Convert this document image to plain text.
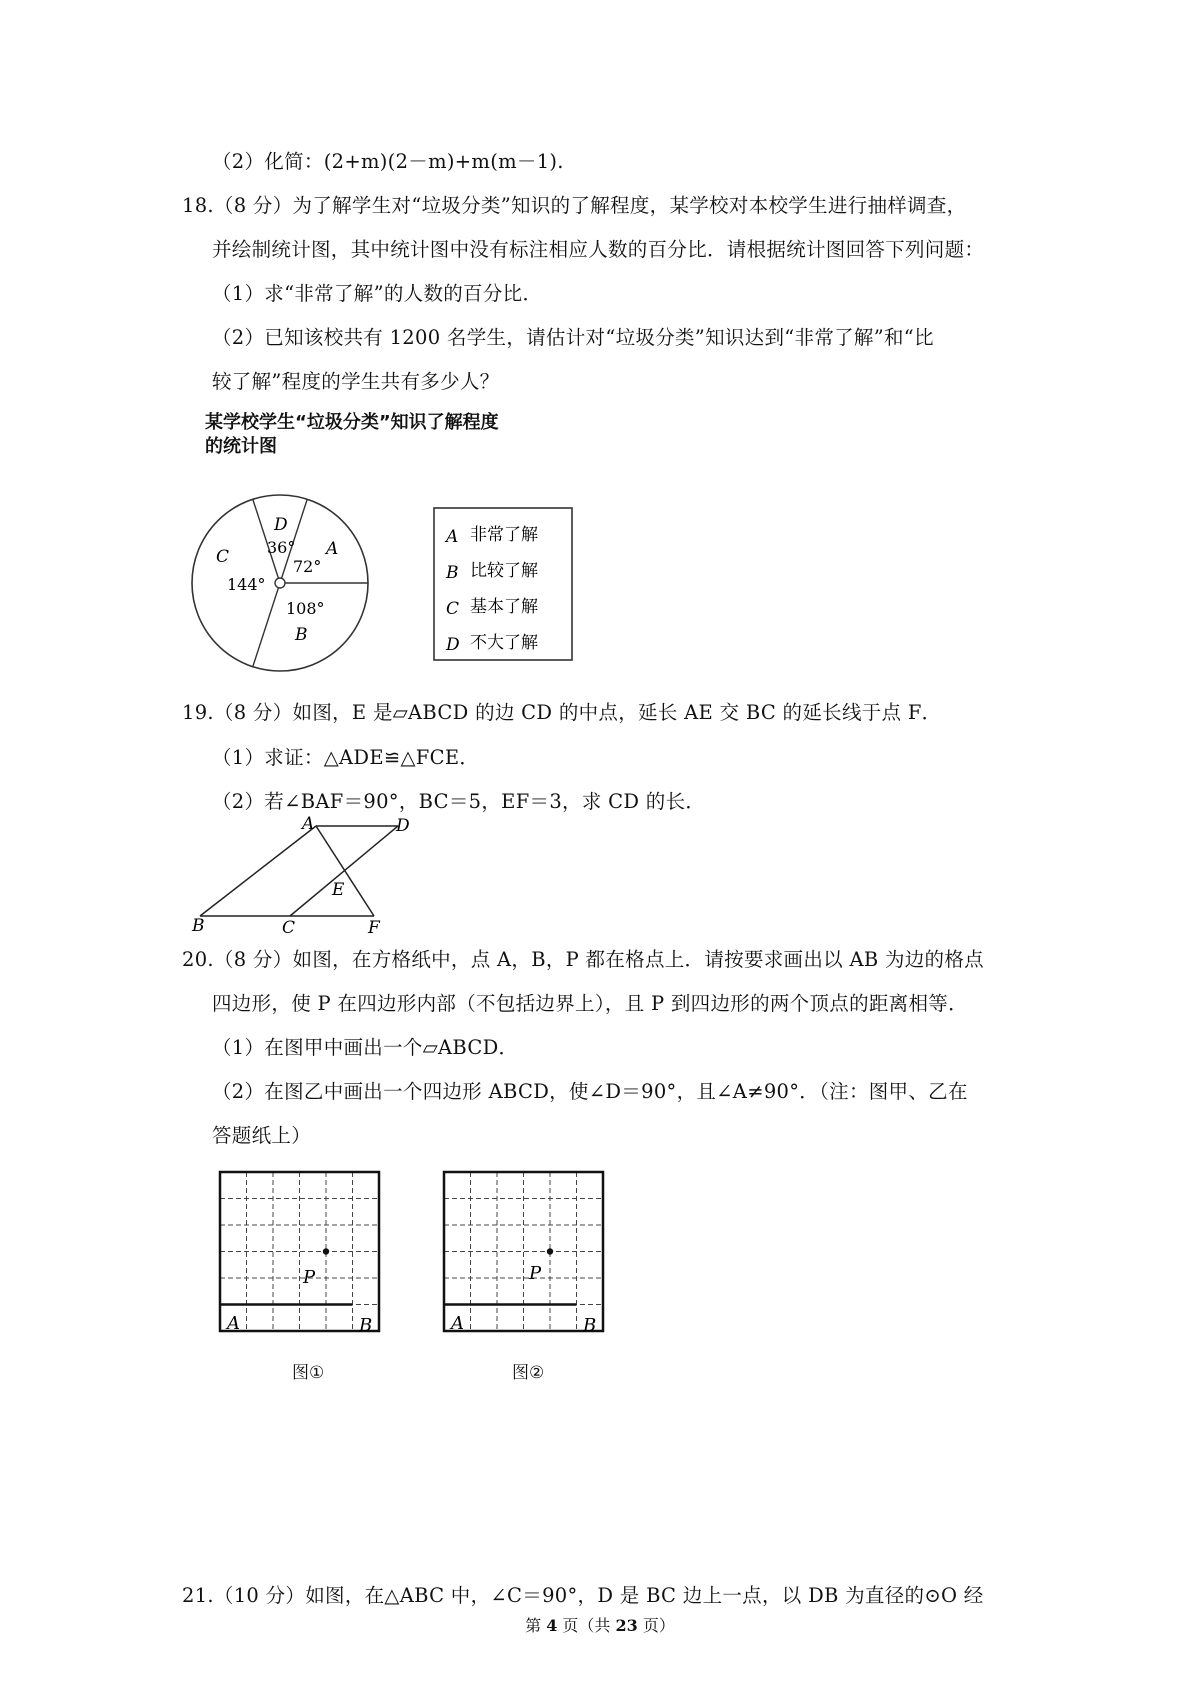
（2）化简：(2+m)(2－m)+m(m－1).
18.（8 分）为了解学生对“垃圾分类”知识的了解程度，某学校对本校学生进行抽样调查，
并绘制统计图，其中统计图中没有标注相应人数的百分比．请根据统计图回答下列问题：
（1）求“非常了解”的人数的百分比．
（2）已知该校共有 1200 名学生，请估计对“垃圾分类”知识达到“非常了解”和“比
较了解”程度的学生共有多少人？
某学校学生“垃圾分类”知识了解程度
的统计图
D
36° A
72°
C
144°
108°
B
A 非常了解
B 比较了解
C 基本了解
D 不大了解
19.（8 分）如图，E 是▱ABCD 的边 CD 的中点，延长 AE 交 BC 的延长线于点 F．
（1）求证：△ADE≌△FCE．
（2）若∠BAF＝90°，BC＝5，EF＝3，求 CD 的长．
A	D
E
B	C	F
20.（8 分）如图，在方格纸中，点 A，B，P 都在格点上．请按要求画出以 AB 为边的格点
四边形，使 P 在四边形内部（不包括边界上），且 P 到四边形的两个顶点的距离相等．
（1）在图甲中画出一个▱ABCD．
（2）在图乙中画出一个四边形 ABCD，使∠D＝90°，且∠A≠90°．（注：图甲、乙在
答题纸上）
A	B
P
图①
A	B
P
图②
21.（10 分）如图，在△ABC 中，∠C＝90°，D 是 BC 边上一点，以 DB 为直径的⊙O 经
第 4 页（共 23 页）
